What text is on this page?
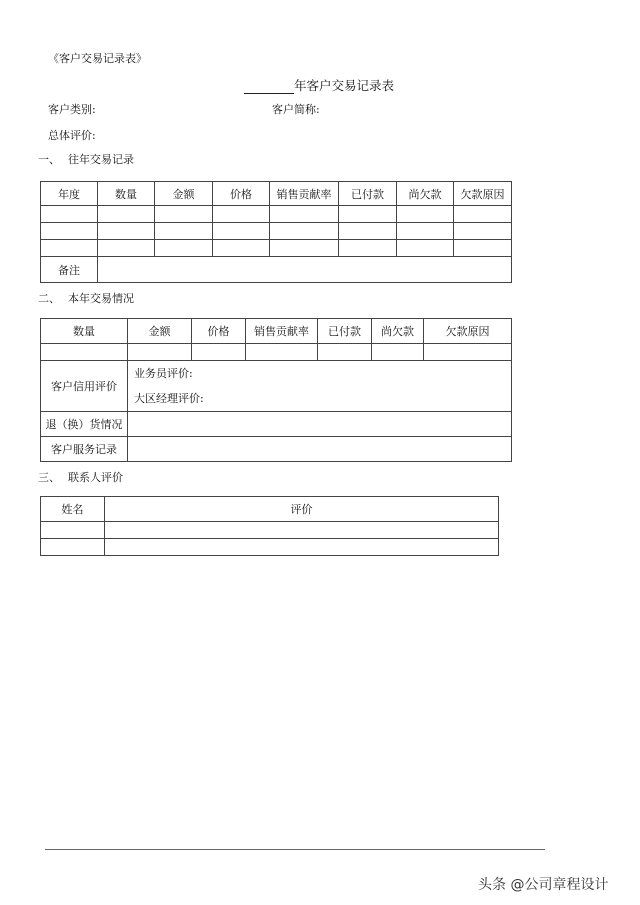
《客户交易记录表》
年客户交易记录表
客户类别:	客户简称:
总体评价:
一、 往年交易记录
年度	数量	金额	价格	销售贡献率	已付款	尚欠款	欠款原因

备注							
二、 本年交易情况
数量	金额	价格	销售贡献率	已付款	尚欠款	欠款原因

客户信用评价	业务员评价:
大区经理评价:					

退（换）货情况						
客户服务记录						
三、 联系人评价
姓名	评价

头条 @公司章程设计
